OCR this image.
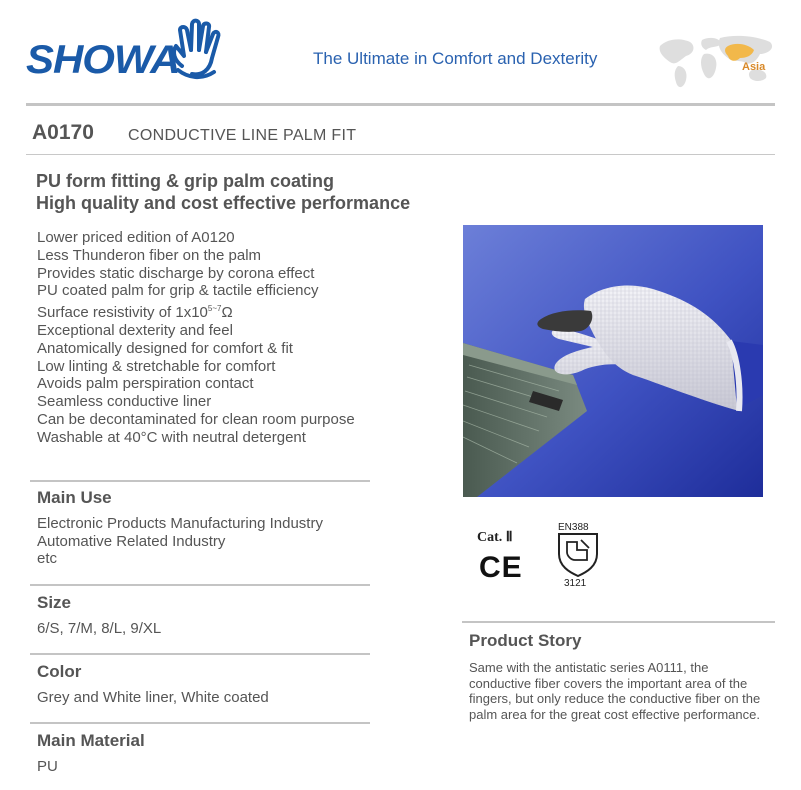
SHOWA	The Ultimate in Comfort and Dexterity	Asia
A0170 CONDUCTIVE LINE PALM FIT
PU form fitting & grip palm coating
High quality and cost effective performance
Lower priced edition of A0120
Less Thunderon fiber on the palm
Provides static discharge by corona effect
PU coated palm for grip & tactile efficiency
Surface resistivity of $1x10^{5\sim 7}\Omega$
Exceptional dexterity and feel
Anatomically designed for comfort & fit
Low linting & stretchable for comfort
Avoids palm perspiration contact
Seamless conductive liner
Can be decontaminated for clean room purpose
Washable at 40°C with neutral detergent
Main Use
Electronic Products Manufacturing Industry
Automative Related Industry
etc
Size
6/S, 7/M, 8/L, 9/XL
Color
Grey and White liner, White coated
Main Material
PU
Cat. Ⅱ
CE
EN388
3121
Product Story
Same with the antistatic series A0111, the conductive fiber covers the important area of the fingers, but only reduce the conductive fiber on the palm area for the great cost effective performance.
